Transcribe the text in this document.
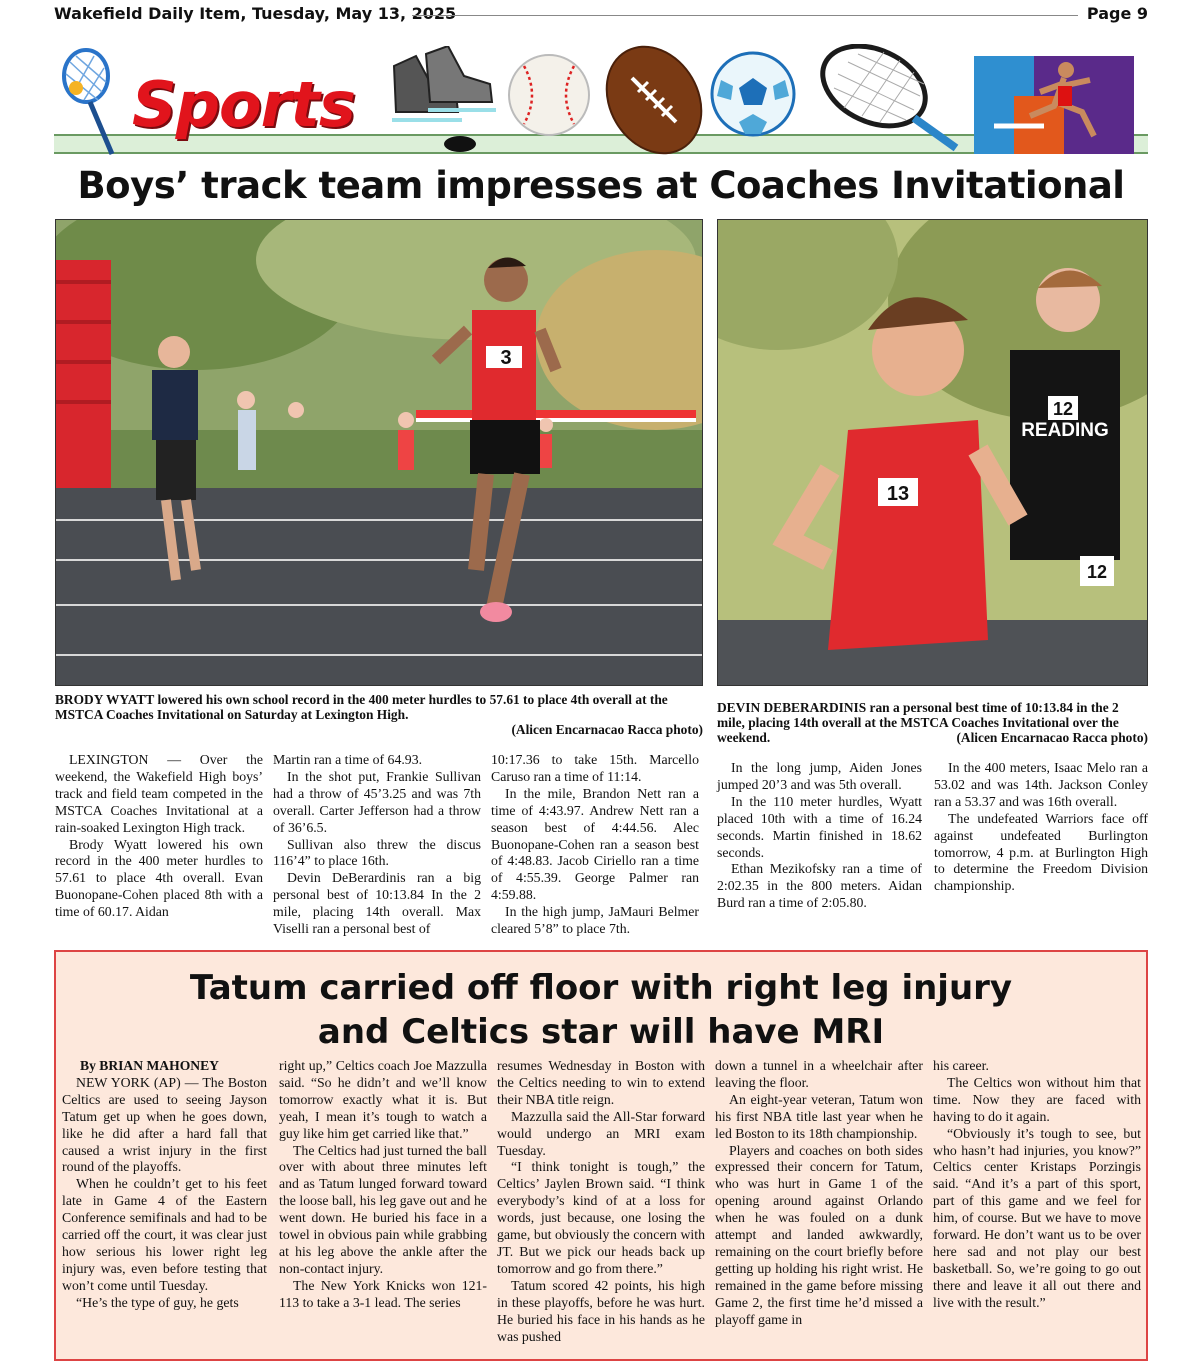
Wakefield Daily Item, Tuesday, May 13, 2025	Page 9
Sports
Boys’ track team impresses at Coaches Invitational
3
READING
12
12
13
BRODY WYATT lowered his own school record in the 400 meter hurdles to 57.61 to place 4th overall at the MSTCA Coaches Invitational on Saturday at Lexington High.
(Alicen Encarnacao Racca photo)
DEVIN DEBERARDINIS ran a personal best time of 10:13.84 in the 2 mile, placing 14th overall at the MSTCA Coaches Invitational over the weekend.	(Alicen Encarnacao Racca photo)

LEXINGTON — Over the weekend, the Wakefield High boys’ track and field team competed in the MSTCA Coaches Invitational at a rain-soaked Lexington High track.

Brody Wyatt lowered his own record in the 400 meter hurdles to 57.61 to place 4th overall. Evan Buonopane-Cohen placed 8th with a time of 60.17. Aidan

Martin ran a time of 64.93.

In the shot put, Frankie Sullivan had a throw of 45’3.25 and was 7th overall. Carter Jefferson had a throw of 36’6.5.

Sullivan also threw the discus 116’4” to place 16th.

Devin DeBerardinis ran a big personal best of 10:13.84 In the 2 mile, placing 14th overall. Max Viselli ran a personal best of

10:17.36 to take 15th. Marcello Caruso ran a time of 11:14.

In the mile, Brandon Nett ran a time of 4:43.97. Andrew Nett ran a season best of 4:44.56. Alec Buonopane-Cohen ran a season best of 4:48.83. Jacob Ciriello ran a time of 4:55.39. George Palmer ran 4:59.88.

In the high jump, JaMauri Belmer cleared 5’8” to place 7th.

In the long jump, Aiden Jones jumped 20’3 and was 5th overall.

In the 110 meter hurdles, Wyatt placed 10th with a time of 16.24 seconds. Martin finished in 18.62 seconds.

Ethan Mezikofsky ran a time of 2:02.35 in the 800 meters. Aidan Burd ran a time of 2:05.80.

In the 400 meters, Isaac Melo ran a 53.02 and was 14th. Jackson Conley ran a 53.37 and was 16th overall.

The undefeated Warriors face off against undefeated Burlington tomorrow, 4 p.m. at Burlington High to determine the Freedom Division championship.

Tatum carried off floor with right leg injury
and Celtics star will have MRI

By BRIAN MAHONEY

NEW YORK (AP) — The Boston Celtics are used to seeing Jayson Tatum get up when he goes down, like he did after a hard fall that caused a wrist injury in the first round of the playoffs.

When he couldn’t get to his feet late in Game 4 of the Eastern Conference semifinals and had to be carried off the court, it was clear just how serious his lower right leg injury was, even before testing that won’t come until Tuesday.

“He’s the type of guy, he gets

right up,” Celtics coach Joe Mazzulla said. “So he didn’t and we’ll know tomorrow exactly what it is. But yeah, I mean it’s tough to watch a guy like him get carried like that.”

The Celtics had just turned the ball over with about three minutes left and as Tatum lunged forward toward the loose ball, his leg gave out and he went down. He buried his face in a towel in obvious pain while grabbing at his leg above the ankle after the non-contact injury.

The New York Knicks won 121-113 to take a 3-1 lead. The series

resumes Wednesday in Boston with the Celtics needing to win to extend their NBA title reign.

Mazzulla said the All-Star forward would undergo an MRI exam Tuesday.

“I think tonight is tough,” the Celtics’ Jaylen Brown said. “I think everybody’s kind of at a loss for words, just because, one losing the game, but obviously the concern with JT. But we pick our heads back up tomorrow and go from there.”

Tatum scored 42 points, his high in these playoffs, before he was hurt. He buried his face in his hands as he was pushed

down a tunnel in a wheelchair after leaving the floor.

An eight-year veteran, Tatum won his first NBA title last year when he led Boston to its 18th championship.

Players and coaches on both sides expressed their concern for Tatum, who was hurt in Game 1 of the opening around against Orlando when he was fouled on a dunk attempt and landed awkwardly, remaining on the court briefly before getting up holding his right wrist. He remained in the game before missing Game 2, the first time he’d missed a playoff game in

his career.

The Celtics won without him that time. Now they are faced with having to do it again.

“Obviously it’s tough to see, but who hasn’t had injuries, you know?” Celtics center Kristaps Porzingis said. “And it’s a part of this sport, part of this game and we feel for him, of course. But we have to move forward. He don’t want us to be over here sad and not play our best basketball. So, we’re going to go out there and leave it all out there and live with the result.”
